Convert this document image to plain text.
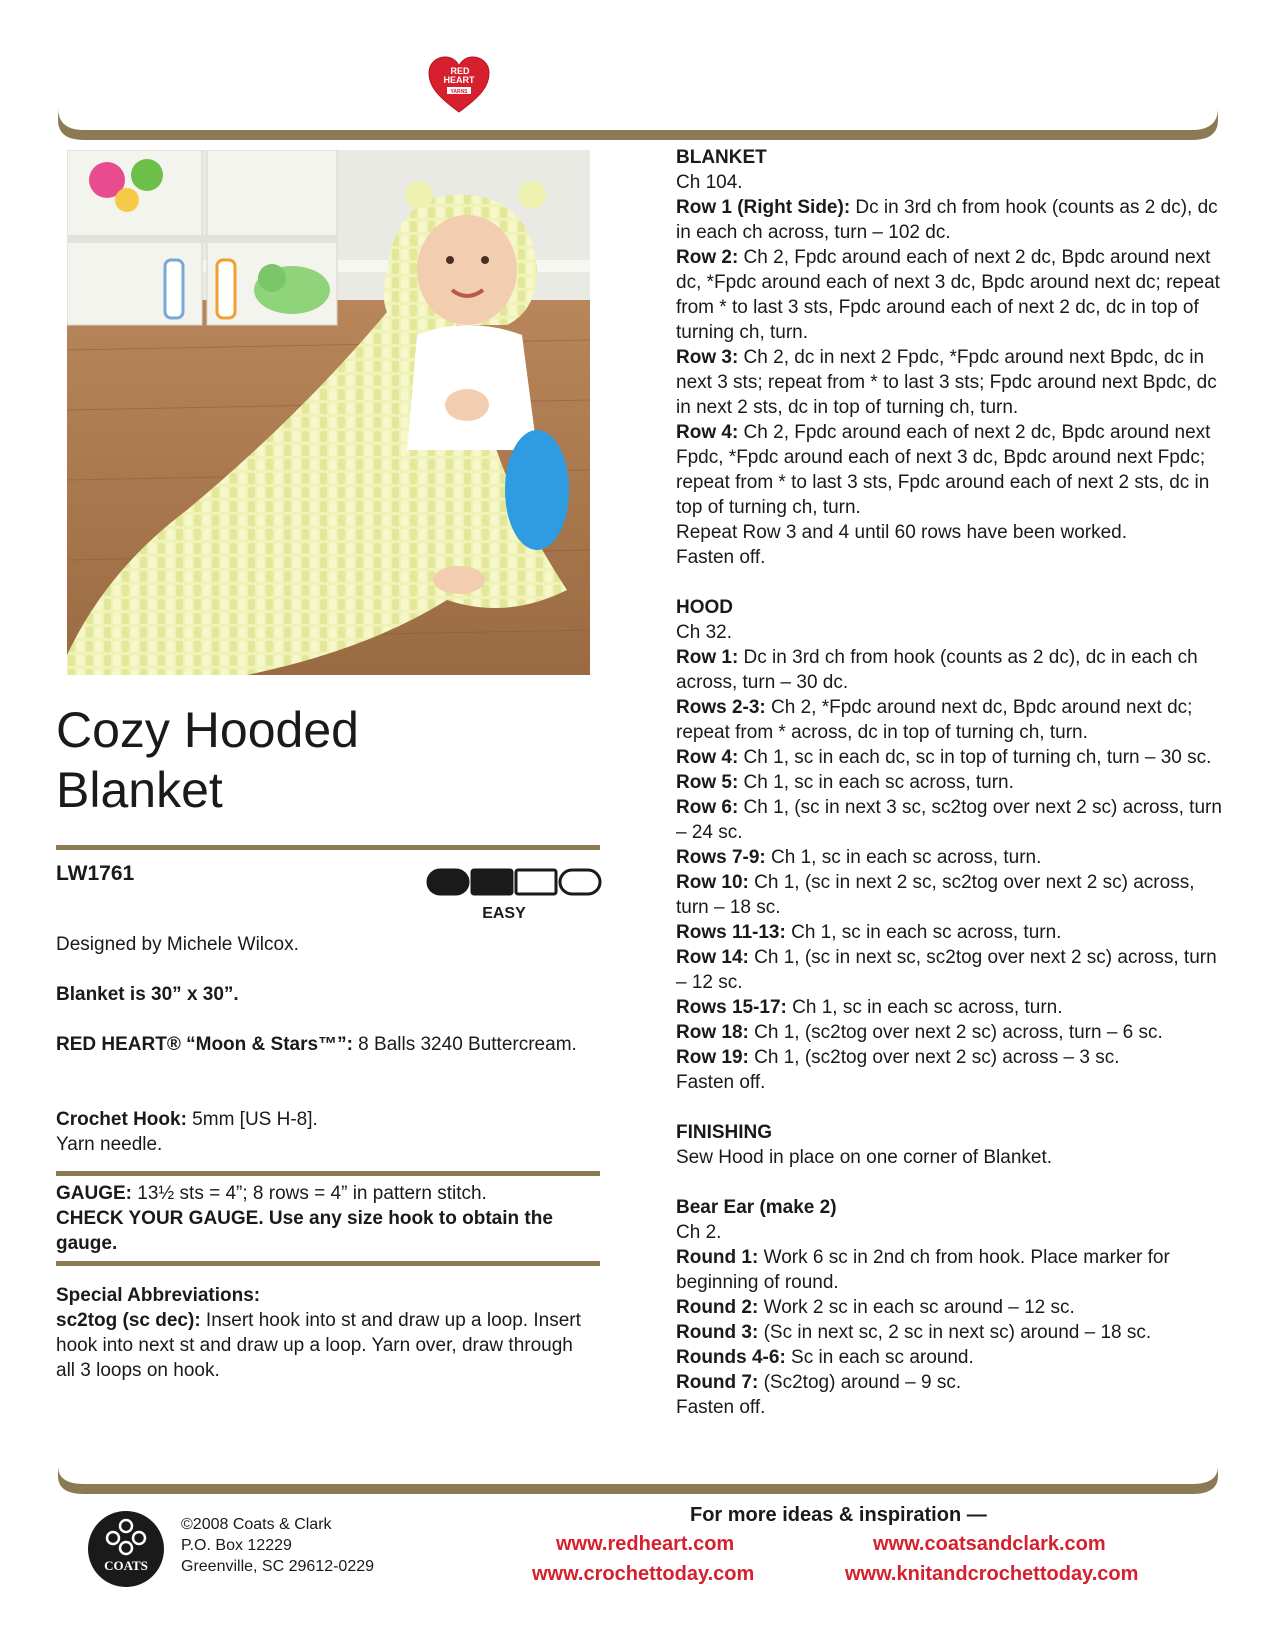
RED
HEART
YARNS
Cozy Hooded
Blanket
LW1761
EASY
Designed by Michele Wilcox.
Blanket is 30” x 30”.
RED HEART® “Moon & Stars™”: 8 Balls 3240 Buttercream.
Crochet Hook: 5mm [US H-8].
Yarn needle.
GAUGE: 13½ sts = 4”; 8 rows = 4” in pattern stitch.
CHECK YOUR GAUGE. Use any size hook to obtain the gauge.
Special Abbreviations:
sc2tog (sc dec): Insert hook into st and draw up a loop. Insert hook into next st and draw up a loop. Yarn over, draw through all 3 loops on hook.
BLANKET
Ch 104.
Row 1 (Right Side): Dc in 3rd ch from hook (counts as 2 dc), dc in each ch across, turn – 102 dc.
Row 2: Ch 2, Fpdc around each of next 2 dc, Bpdc around next dc, *Fpdc around each of next 3 dc, Bpdc around next dc; repeat from * to last 3 sts, Fpdc around each of next 2 dc, dc in top of turning ch, turn.
Row 3: Ch 2, dc in next 2 Fpdc, *Fpdc around next Bpdc, dc in next 3 sts; repeat from * to last 3 sts; Fpdc around next Bpdc, dc in next 2 sts, dc in top of turning ch, turn.
Row 4: Ch 2, Fpdc around each of next 2 dc, Bpdc around next Fpdc, *Fpdc around each of next 3 dc, Bpdc around next Fpdc; repeat from * to last 3 sts, Fpdc around each of next 2 sts, dc in top of turning ch, turn.
Repeat Row 3 and 4 until 60 rows have been worked.
Fasten off.
HOOD
Ch 32.
Row 1: Dc in 3rd ch from hook (counts as 2 dc), dc in each ch across, turn – 30 dc.
Rows 2-3: Ch 2, *Fpdc around next dc, Bpdc around next dc; repeat from * across, dc in top of turning ch, turn.
Row 4: Ch 1, sc in each dc, sc in top of turning ch, turn – 30 sc.
Row 5: Ch 1, sc in each sc across, turn.
Row 6: Ch 1, (sc in next 3 sc, sc2tog over next 2 sc) across, turn – 24 sc.
Rows 7-9: Ch 1, sc in each sc across, turn.
Row 10: Ch 1, (sc in next 2 sc, sc2tog over next 2 sc) across, turn – 18 sc.
Rows 11-13: Ch 1, sc in each sc across, turn.
Row 14: Ch 1, (sc in next sc, sc2tog over next 2 sc) across, turn – 12 sc.
Rows 15-17: Ch 1, sc in each sc across, turn.
Row 18: Ch 1, (sc2tog over next 2 sc) across, turn – 6 sc.
Row 19: Ch 1, (sc2tog over next 2 sc) across – 3 sc.
Fasten off.
FINISHING
Sew Hood in place on one corner of Blanket.
Bear Ear (make 2)
Ch 2.
Round 1: Work 6 sc in 2nd ch from hook. Place marker for beginning of round.
Round 2: Work 2 sc in each sc around – 12 sc.
Round 3: (Sc in next sc, 2 sc in next sc) around – 18 sc.
Rounds 4-6: Sc in each sc around.
Round 7: (Sc2tog) around – 9 sc.
Fasten off.
COATS
©2008 Coats & Clark
P.O. Box 12229
Greenville, SC 29612-0229
For more ideas & inspiration —
www.redheart.com	www.coatsandclark.com
www.crochettoday.com	www.knitandcrochettoday.com
